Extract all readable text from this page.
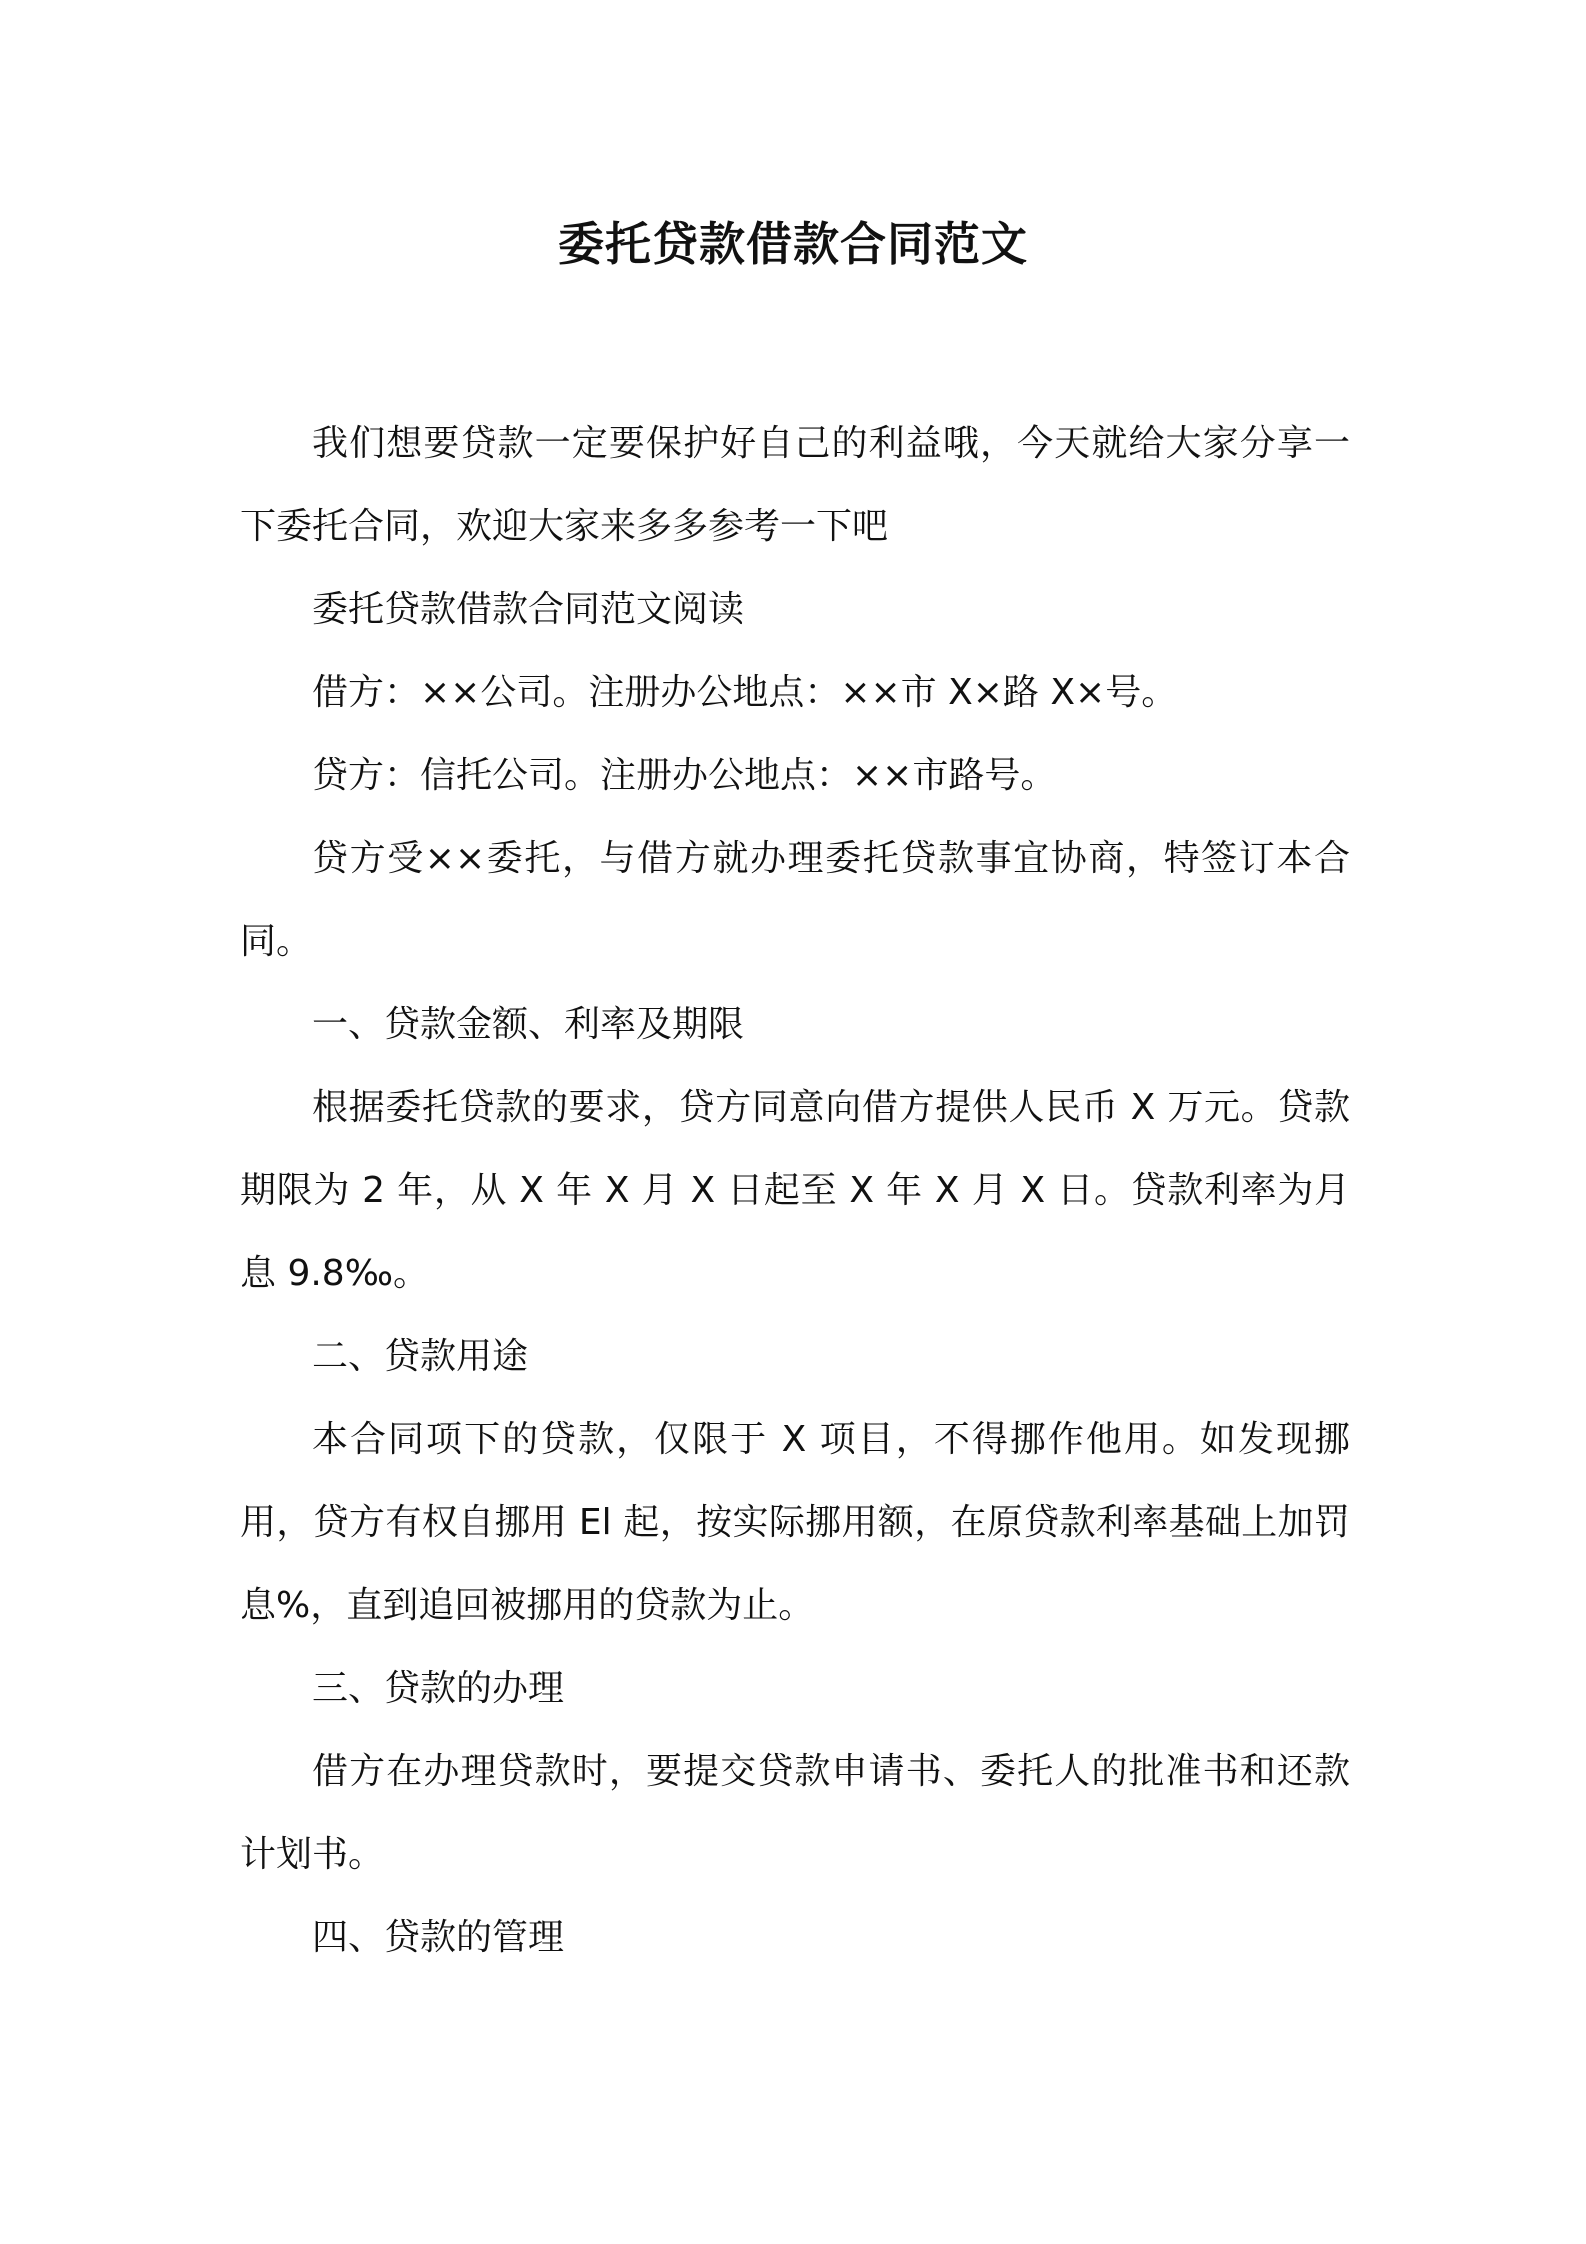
委托贷款借款合同范文

我们想要贷款一定要保护好自己的利益哦，今天就给大家分享一下委托合同，欢迎大家来多多参考一下吧

委托贷款借款合同范文阅读

借方：××公司。注册办公地点：××市 X×路 X×号。

贷方：信托公司。注册办公地点：××市路号。

贷方受××委托，与借方就办理委托贷款事宜协商，特签订本合同。

一、贷款金额、利率及期限

根据委托贷款的要求，贷方同意向借方提供人民币 X 万元。贷款期限为 2 年，从 X 年 X 月 X 日起至 X 年 X 月 X 日。贷款利率为月息 9.8‰。

二、贷款用途

本合同项下的贷款，仅限于 X 项目，不得挪作他用。如发现挪用，贷方有权自挪用 El 起，按实际挪用额，在原贷款利率基础上加罚息%，直到追回被挪用的贷款为止。

三、贷款的办理

借方在办理贷款时，要提交贷款申请书、委托人的批准书和还款计划书。

四、贷款的管理
